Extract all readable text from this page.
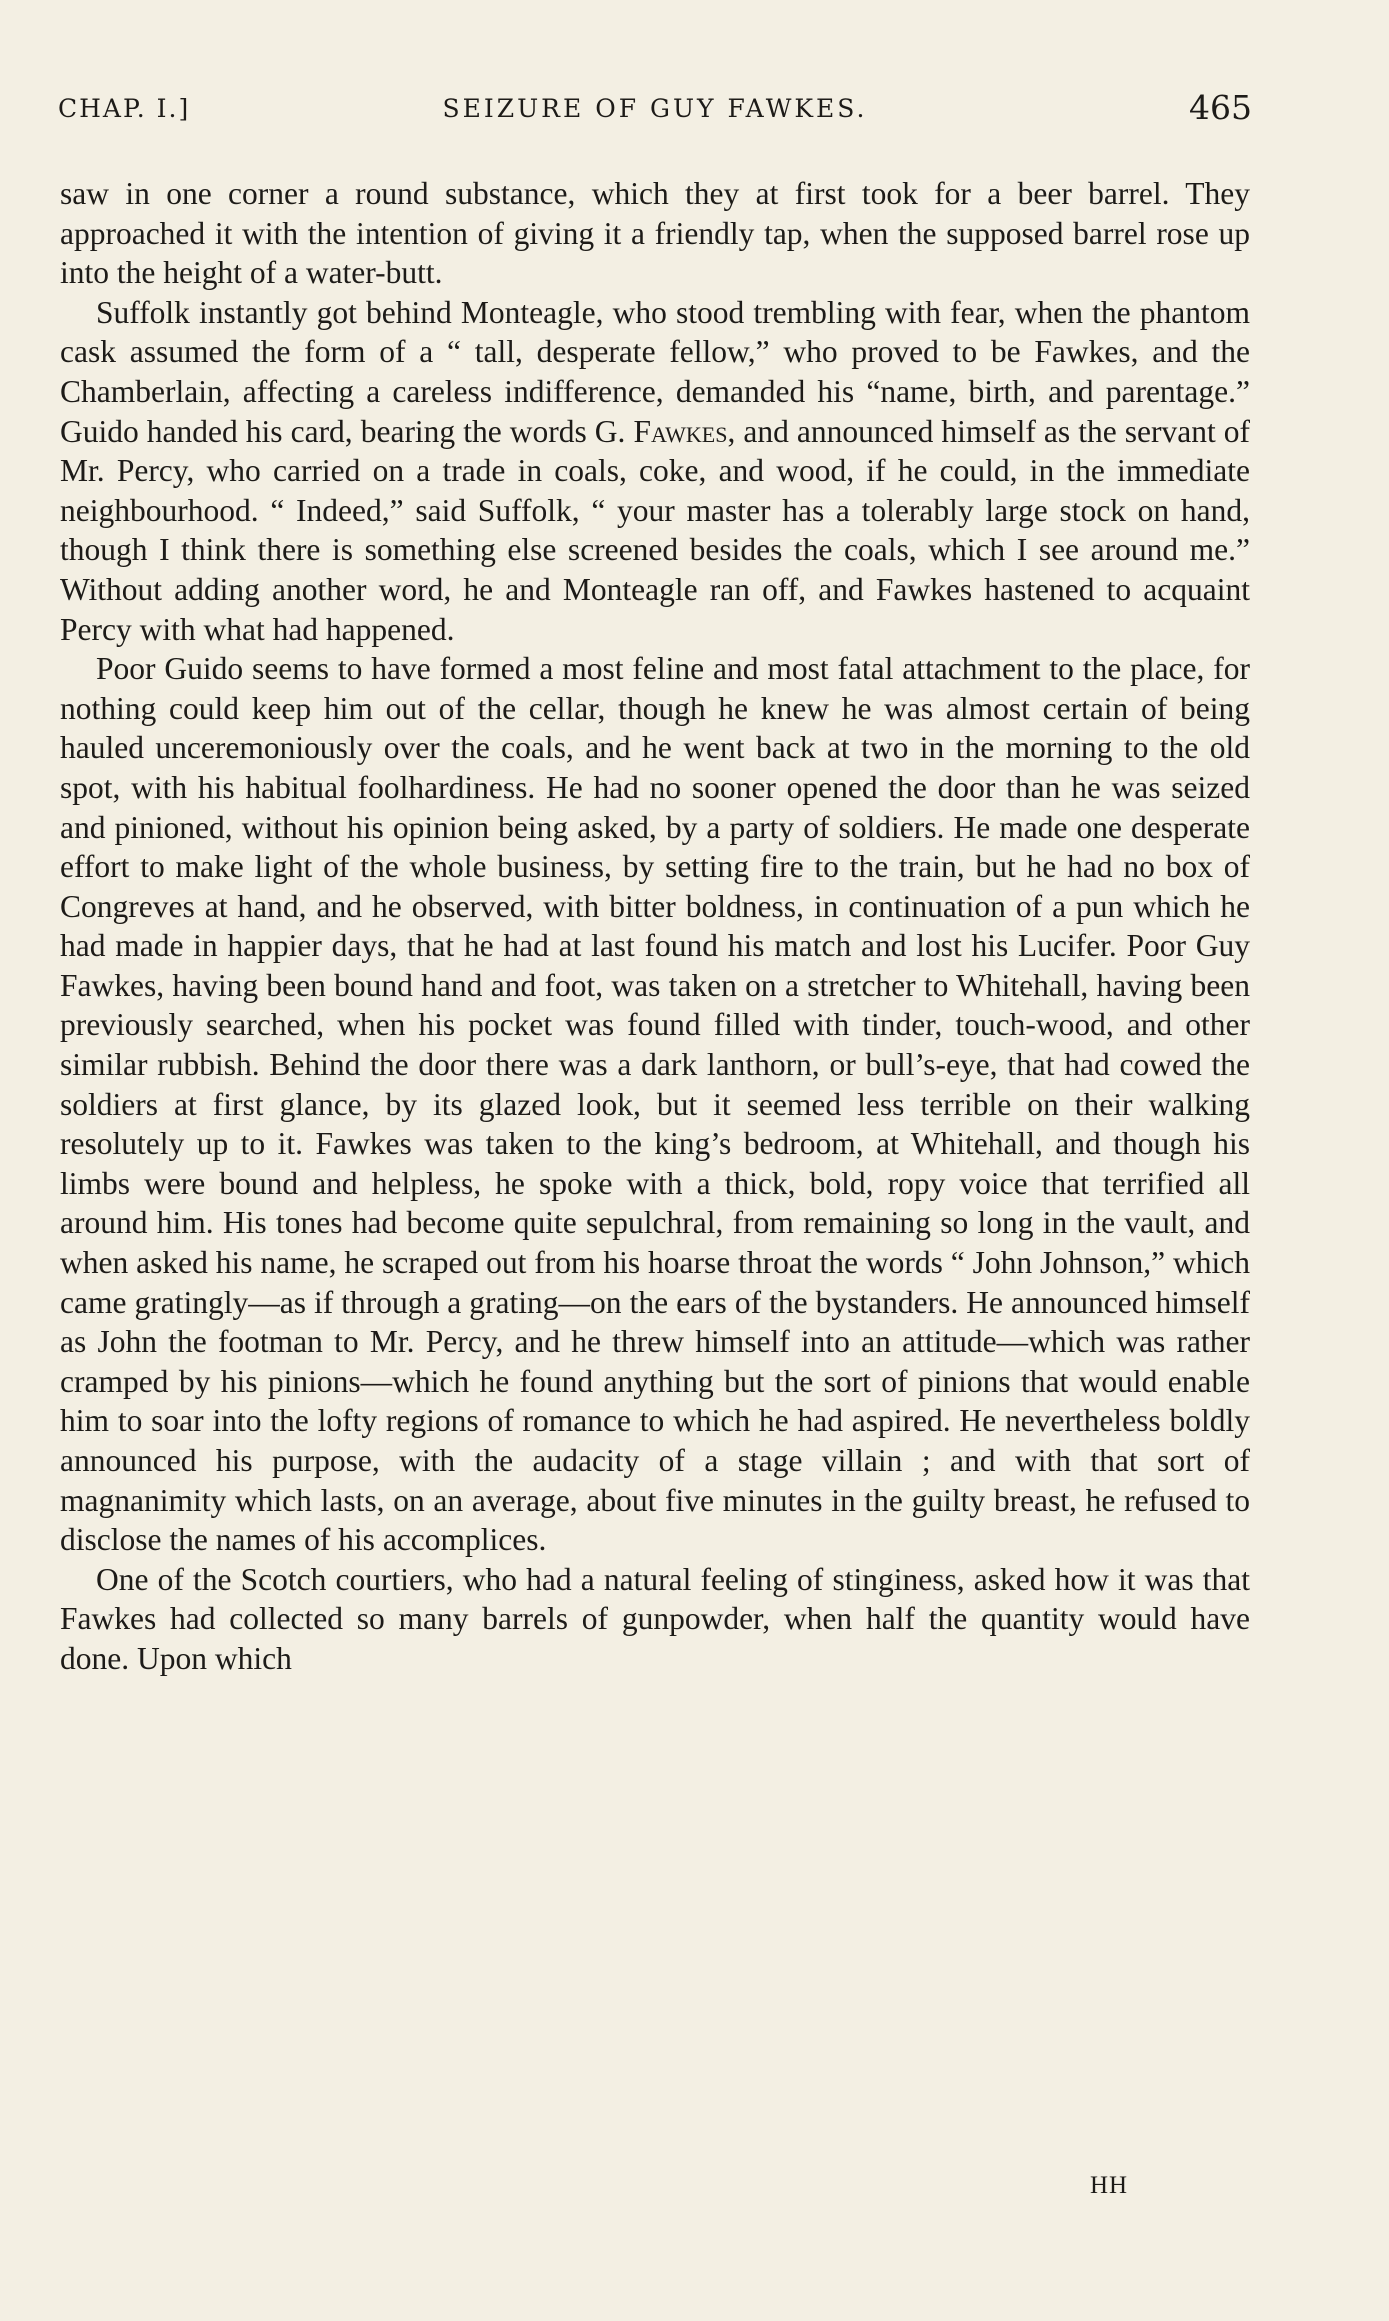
CHAP. I.]	SEIZURE OF GUY FAWKES.	465

saw in one corner a round substance, which they at first took for a beer barrel. They approached it with the intention of giving it a friendly tap, when the supposed barrel rose up into the height of a water-butt.

Suffolk instantly got behind Monteagle, who stood trembling with fear, when the phantom cask assumed the form of a “ tall, desperate fellow,” who proved to be Fawkes, and the Chamberlain, affecting a careless indifference, demanded his “name, birth, and parentage.” Guido handed his card, bearing the words G. Fawkes, and announced himself as the servant of Mr. Percy, who carried on a trade in coals, coke, and wood, if he could, in the immediate neighbourhood. “ Indeed,” said Suffolk, “ your master has a tolerably large stock on hand, though I think there is something else screened besides the coals, which I see around me.” Without adding another word, he and Monteagle ran off, and Fawkes hastened to acquaint Percy with what had happened.

Poor Guido seems to have formed a most feline and most fatal attachment to the place, for nothing could keep him out of the cellar, though he knew he was almost certain of being hauled unceremoniously over the coals, and he went back at two in the morning to the old spot, with his habitual foolhardiness. He had no sooner opened the door than he was seized and pinioned, without his opinion being asked, by a party of soldiers. He made one desperate effort to make light of the whole business, by setting fire to the train, but he had no box of Congreves at hand, and he observed, with bitter boldness, in continuation of a pun which he had made in happier days, that he had at last found his match and lost his Lucifer. Poor Guy Fawkes, having been bound hand and foot, was taken on a stretcher to Whitehall, having been previously searched, when his pocket was found filled with tinder, touch-wood, and other similar rubbish. Behind the door there was a dark lanthorn, or bull’s-eye, that had cowed the soldiers at first glance, by its glazed look, but it seemed less terrible on their walking resolutely up to it. Fawkes was taken to the king’s bedroom, at Whitehall, and though his limbs were bound and helpless, he spoke with a thick, bold, ropy voice that terrified all around him. His tones had become quite sepulchral, from remaining so long in the vault, and when asked his name, he scraped out from his hoarse throat the words “ John Johnson,” which came gratingly—as if through a grating—on the ears of the bystanders. He announced himself as John the footman to Mr. Percy, and he threw himself into an attitude—which was rather cramped by his pinions—which he found anything but the sort of pinions that would enable him to soar into the lofty regions of romance to which he had aspired. He nevertheless boldly announced his purpose, with the audacity of a stage villain ; and with that sort of magnanimity which lasts, on an average, about five minutes in the guilty breast, he refused to disclose the names of his accomplices.

One of the Scotch courtiers, who had a natural feeling of stinginess, asked how it was that Fawkes had collected so many barrels of gunpowder, when half the quantity would have done. Upon which

HH
